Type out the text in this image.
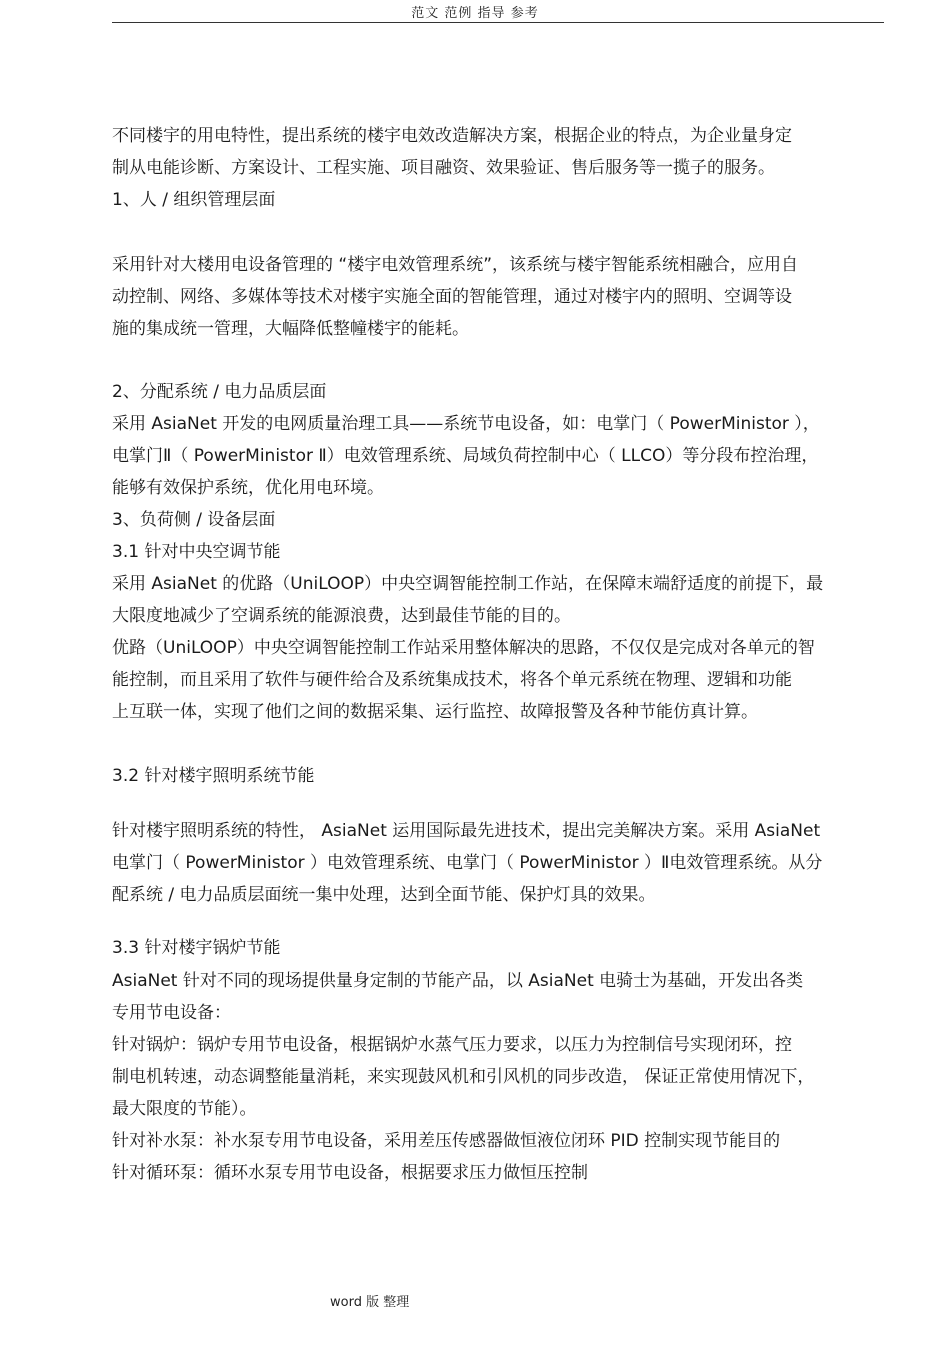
范文 范例 指导 参考
不同楼宇的用电特性，提出系统的楼宇电效改造解决方案，根据企业的特点，为企业量身定
制从电能诊断、方案设计、工程实施、项目融资、效果验证、售后服务等一揽子的服务。
1、人 / 组织管理层面
采用针对大楼用电设备管理的 “楼宇电效管理系统”，该系统与楼宇智能系统相融合，应用自
动控制、网络、多媒体等技术对楼宇实施全面的智能管理，通过对楼宇内的照明、空调等设
施的集成统一管理，大幅降低整幢楼宇的能耗。
2、分配系统 / 电力品质层面
采用 AsiaNet 开发的电网质量治理工具——系统节电设备，如：电掌门（ PowerMinistor ），
电掌门Ⅱ（ PowerMinistor Ⅱ）电效管理系统、局域负荷控制中心（ LLCO）等分段布控治理，
能够有效保护系统，优化用电环境。
3、负荷侧 / 设备层面
3.1 针对中央空调节能
采用 AsiaNet 的优路（UniLOOP）中央空调智能控制工作站，在保障末端舒适度的前提下，最
大限度地减少了空调系统的能源浪费，达到最佳节能的目的。
优路（UniLOOP）中央空调智能控制工作站采用整体解决的思路，不仅仅是完成对各单元的智
能控制，而且采用了软件与硬件给合及系统集成技术，将各个单元系统在物理、逻辑和功能
上互联一体，实现了他们之间的数据采集、运行监控、故障报警及各种节能仿真计算。
3.2 针对楼宇照明系统节能
针对楼宇照明系统的特性， AsiaNet 运用国际最先进技术，提出完美解决方案。采用 AsiaNet
电掌门（ PowerMinistor ）电效管理系统、电掌门（ PowerMinistor ）Ⅱ电效管理系统。从分
配系统 / 电力品质层面统一集中处理，达到全面节能、保护灯具的效果。
3.3 针对楼宇锅炉节能
AsiaNet 针对不同的现场提供量身定制的节能产品，以 AsiaNet 电骑士为基础，开发出各类
专用节电设备：
针对锅炉：锅炉专用节电设备，根据锅炉水蒸气压力要求，以压力为控制信号实现闭环，控
制电机转速，动态调整能量消耗，来实现鼓风机和引风机的同步改造， 保证正常使用情况下，
最大限度的节能）。
针对补水泵：补水泵专用节电设备，采用差压传感器做恒液位闭环 PID 控制实现节能目的
针对循环泵：循环水泵专用节电设备，根据要求压力做恒压控制
word 版 整理
